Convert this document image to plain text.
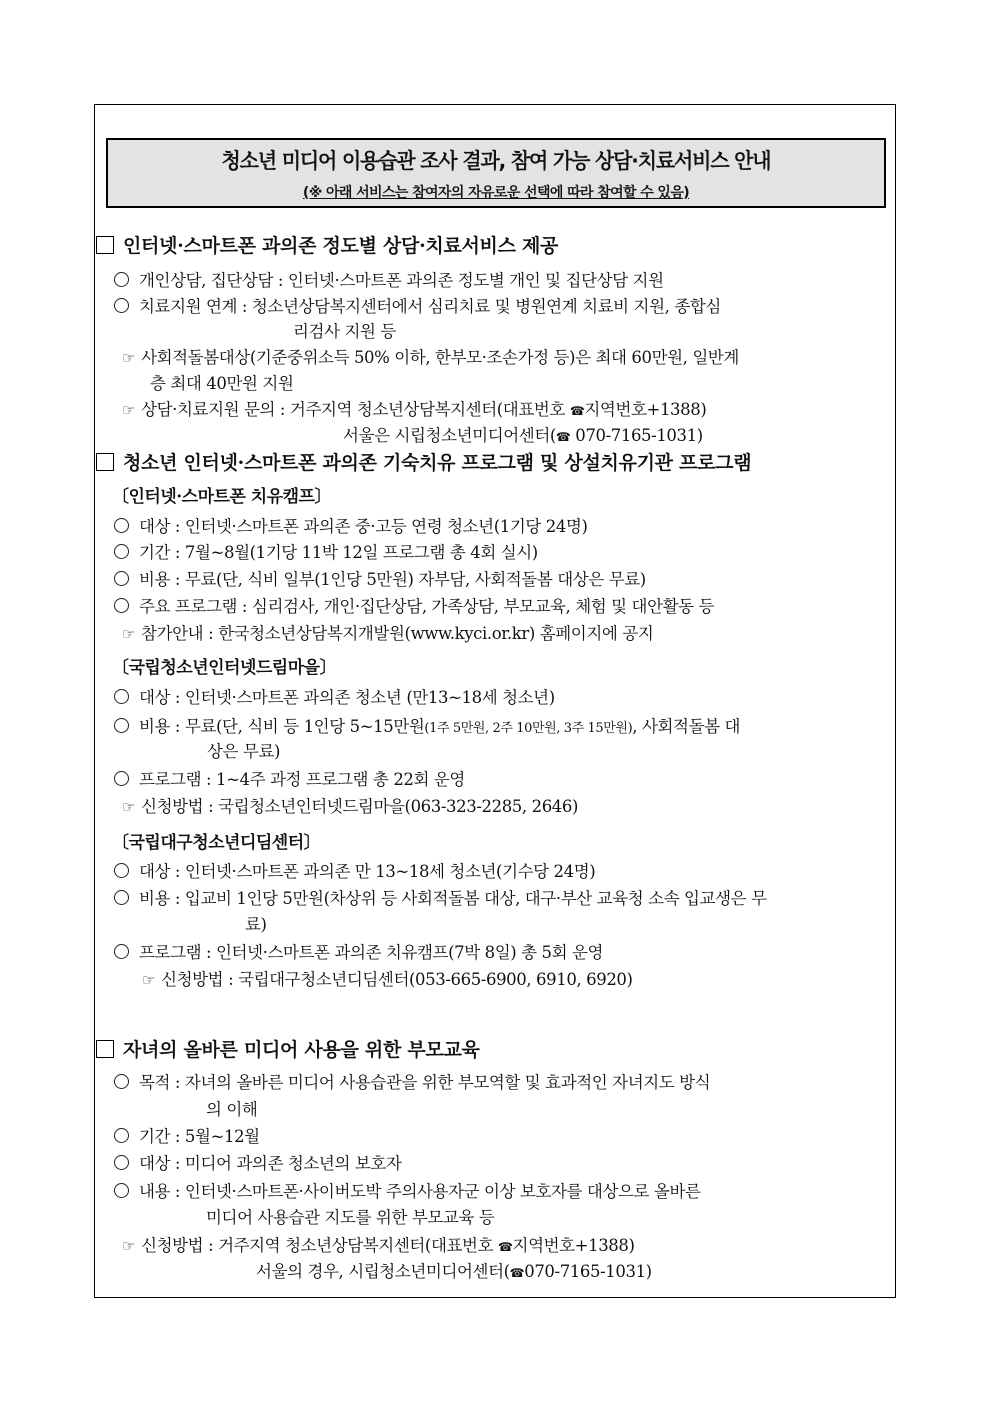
청소년 미디어 이용습관 조사 결과, 참여 가능 상담·치료서비스 안내
(※ 아래 서비스는 참여자의 자유로운 선택에 따라 참여할 수 있음)
인터넷·스마트폰 과의존 정도별 상담·치료서비스 제공
개인상담, 집단상담 : 인터넷·스마트폰 과의존 정도별 개인 및 집단상담 지원
치료지원 연계 : 청소년상담복지센터에서 심리치료 및 병원연계 치료비 지원, 종합심
리검사 지원 등
☞ 사회적돌봄대상(기준중위소득 50% 이하, 한부모·조손가정 등)은 최대 60만원, 일반계
층 최대 40만원 지원
☞ 상담·치료지원 문의 : 거주지역 청소년상담복지센터(대표번호 ☎지역번호+1388)
서울은 시립청소년미디어센터(☎ 070-7165-1031)
청소년 인터넷·스마트폰 과의존 기숙치유 프로그램 및 상설치유기관 프로그램
〔인터넷·스마트폰 치유캠프〕
대상 : 인터넷·스마트폰 과의존 중·고등 연령 청소년(1기당 24명)
기간 : 7월~8월(1기당 11박 12일 프로그램 총 4회 실시)
비용 : 무료(단, 식비 일부(1인당 5만원) 자부담, 사회적돌봄 대상은 무료)
주요 프로그램 : 심리검사, 개인·집단상담, 가족상담, 부모교육, 체험 및 대안활동 등
☞ 참가안내 : 한국청소년상담복지개발원(www.kyci.or.kr) 홈페이지에 공지
〔국립청소년인터넷드림마을〕
대상 : 인터넷·스마트폰 과의존 청소년 (만13~18세 청소년)
비용 : 무료(단, 식비 등 1인당 5~15만원(1주 5만원, 2주 10만원, 3주 15만원), 사회적돌봄 대
상은 무료)
프로그램 : 1~4주 과정 프로그램 총 22회 운영
☞ 신청방법 : 국립청소년인터넷드림마을(063-323-2285, 2646)
〔국립대구청소년디딤센터〕
대상 : 인터넷·스마트폰 과의존 만 13~18세 청소년(기수당 24명)
비용 : 입교비 1인당 5만원(차상위 등 사회적돌봄 대상, 대구·부산 교육청 소속 입교생은 무
료)
프로그램 : 인터넷·스마트폰 과의존 치유캠프(7박 8일) 총 5회 운영
☞ 신청방법 : 국립대구청소년디딤센터(053-665-6900, 6910, 6920)
자녀의 올바른 미디어 사용을 위한 부모교육
목적 : 자녀의 올바른 미디어 사용습관을 위한 부모역할 및 효과적인 자녀지도 방식
의 이해
기간 : 5월~12월
대상 : 미디어 과의존 청소년의 보호자
내용 : 인터넷·스마트폰·사이버도박 주의사용자군 이상 보호자를 대상으로 올바른
미디어 사용습관 지도를 위한 부모교육 등
☞ 신청방법 : 거주지역 청소년상담복지센터(대표번호 ☎지역번호+1388)
서울의 경우, 시립청소년미디어센터(☎070-7165-1031)
